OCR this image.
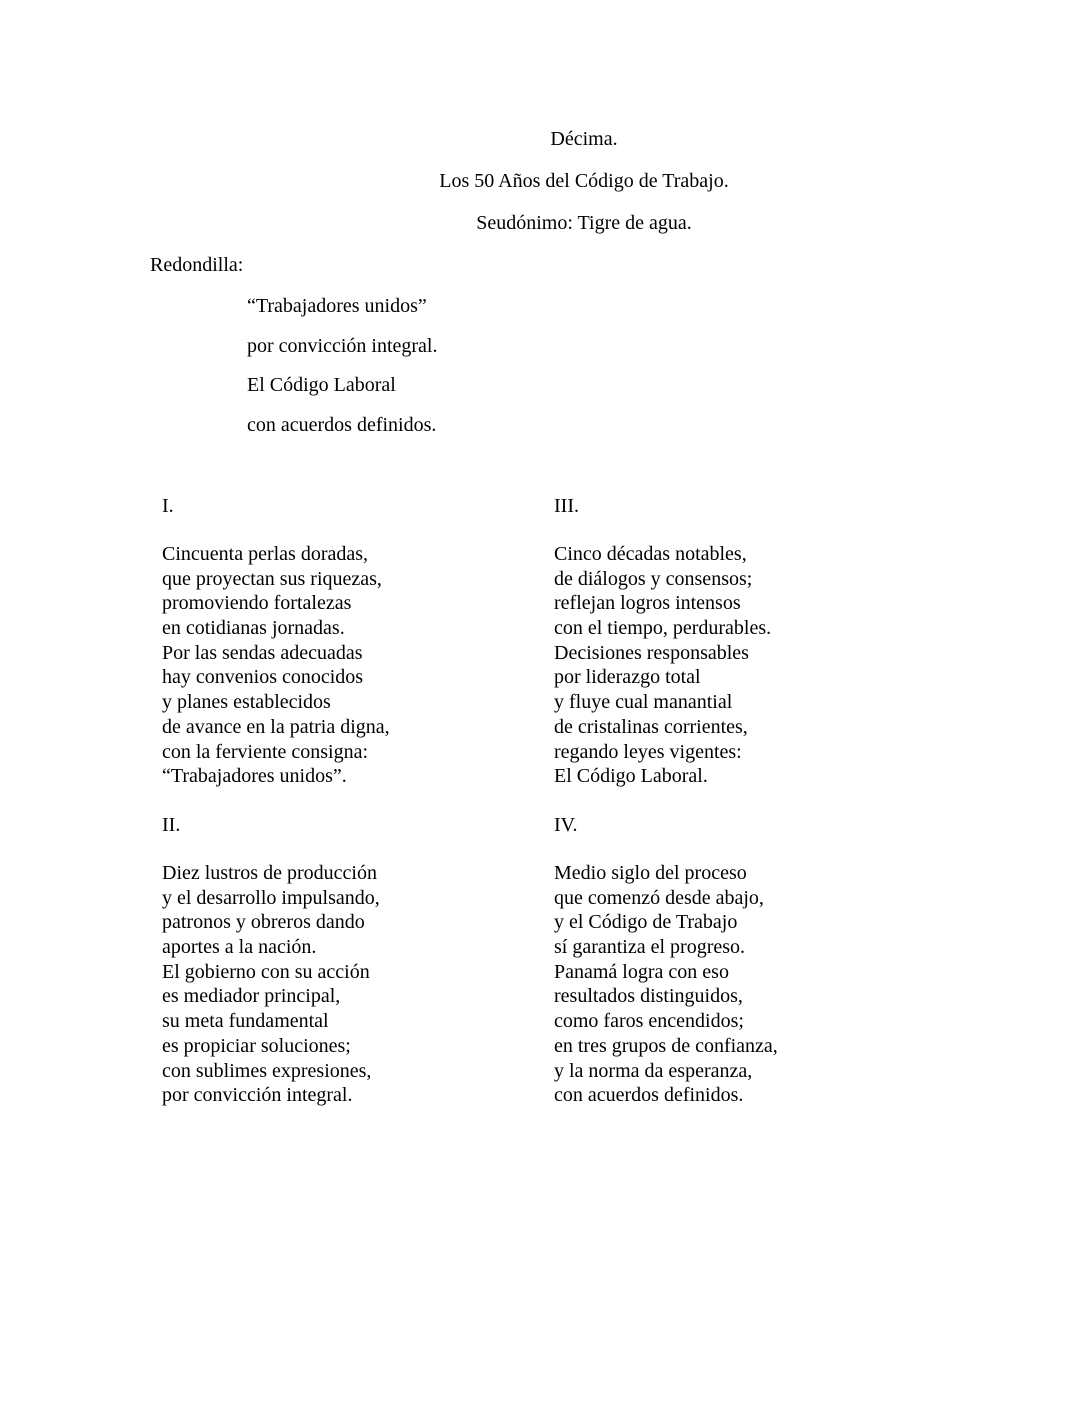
Décima.
Los 50 Años del Código de Trabajo.
Seudónimo: Tigre de agua.
Redondilla:
“Trabajadores unidos”
por convicción integral.
El Código Laboral
con acuerdos definidos.
I.
Cincuenta perlas doradas,
que proyectan sus riquezas,
promoviendo fortalezas
en cotidianas jornadas.
Por las sendas adecuadas
hay convenios conocidos
y planes establecidos
de avance en la patria digna,
con la ferviente consigna:
“Trabajadores unidos”.
II.
Diez lustros de producción
y el desarrollo impulsando,
patronos y obreros dando
aportes a la nación.
El gobierno con su acción
es mediador principal,
su meta fundamental
es propiciar soluciones;
con sublimes expresiones,
por convicción integral.
III.
Cinco décadas notables,
de diálogos y consensos;
reflejan logros intensos
con el tiempo, perdurables.
Decisiones responsables
por liderazgo total
y fluye cual manantial
de cristalinas corrientes,
regando leyes vigentes:
El Código Laboral.
IV.
Medio siglo del proceso
que comenzó desde abajo,
y el Código de Trabajo
sí garantiza el progreso.
Panamá logra con eso
resultados distinguidos,
como faros encendidos;
en tres grupos de confianza,
y la norma da esperanza,
con acuerdos definidos.
